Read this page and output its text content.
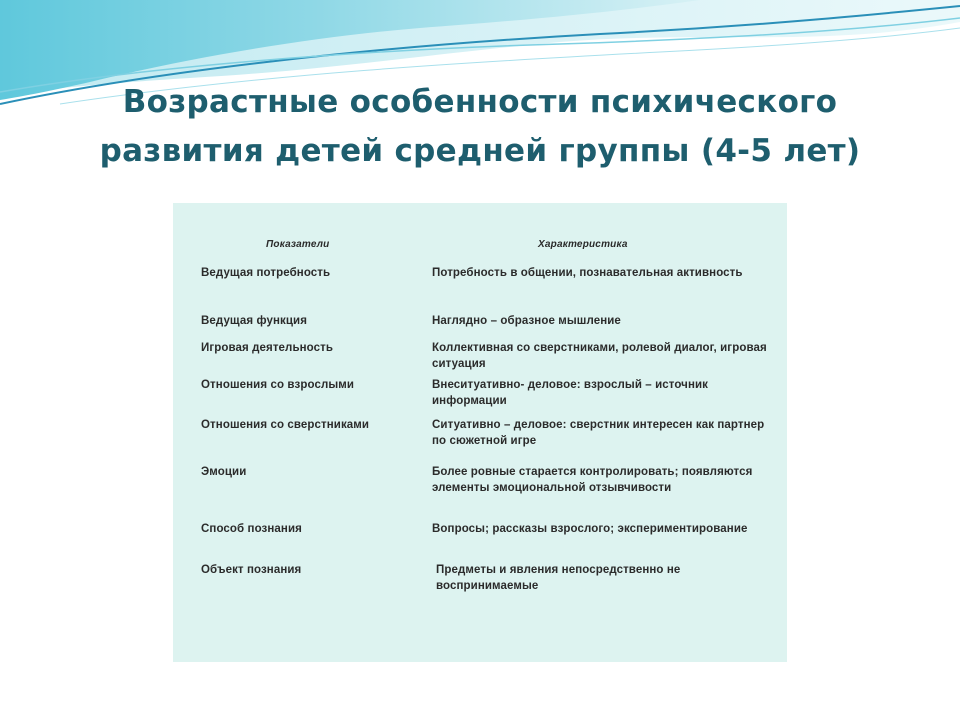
Возрастные особенности психического
развития детей средней группы (4-5 лет)
Показатели	Характеристика
Ведущая потребность	Потребность в общении, познавательная активность
Ведущая функция	Наглядно – образное мышление
Игровая деятельность	Коллективная со сверстниками, ролевой диалог, игровая ситуация
Отношения со взрослыми	Внеситуативно- деловое: взрослый – источник информации
Отношения со сверстниками	Ситуативно – деловое: сверстник интересен как партнер по сюжетной игре
Эмоции	Более ровные старается контролировать; появляются элементы эмоциональной отзывчивости
Способ познания	Вопросы; рассказы взрослого; экспериментирование
Объект познания	Предметы и явления непосредственно не воспринимаемые
